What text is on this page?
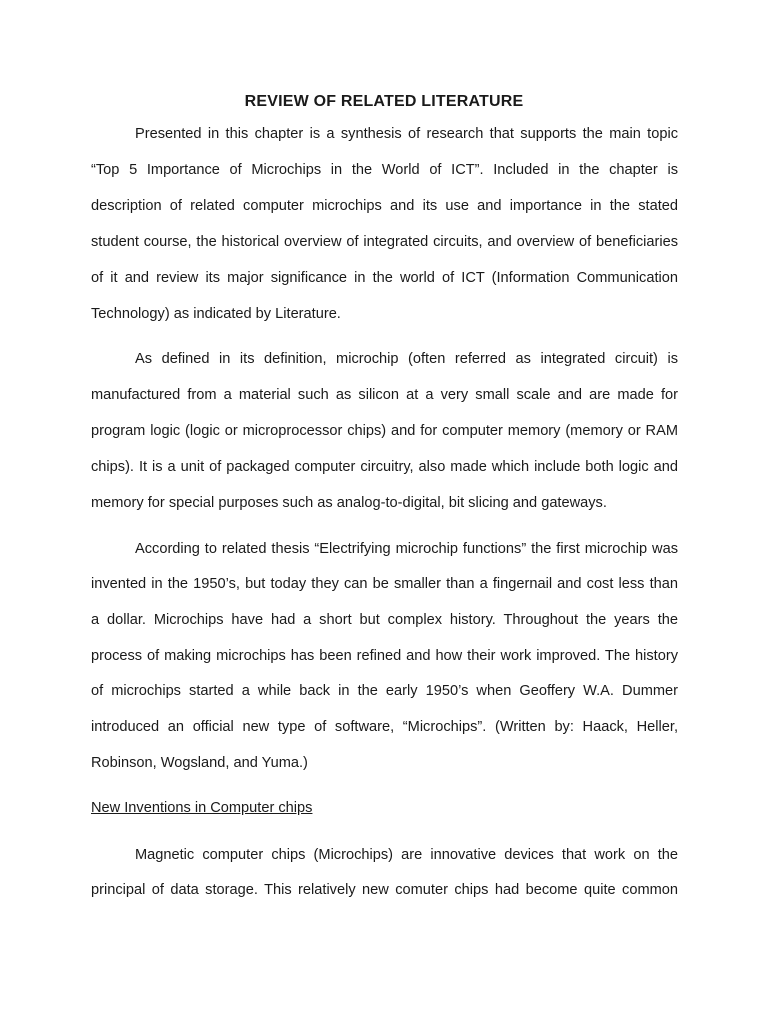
REVIEW OF RELATED LITERATURE
Presented in this chapter is a synthesis of research that supports the main topic
“Top 5 Importance of Microchips in the World of ICT”. Included in the chapter is
description of related computer microchips and its use and importance in the stated
student course, the historical overview of integrated circuits, and overview of beneficiaries
of it and review its major significance in the world of ICT (Information Communication
Technology) as indicated by Literature.
As defined in its definition, microchip (often referred as integrated circuit) is
manufactured from a material such as silicon at a very small scale and are made for
program logic (logic or microprocessor chips) and for computer memory (memory or RAM
chips). It is a unit of packaged computer circuitry, also made which include both logic and
memory for special purposes such as analog-to-digital, bit slicing and gateways.
According to related thesis “Electrifying microchip functions” the first microchip was
invented in the 1950’s, but today they can be smaller than a fingernail and cost less than
a dollar. Microchips have had a short but complex history. Throughout the years the
process of making microchips has been refined and how their work improved. The history
of microchips started a while back in the early 1950’s when Geoffery W.A. Dummer
introduced an official new type of software, “Microchips”. (Written by: Haack, Heller,
Robinson, Wogsland, and Yuma.)
New Inventions in Computer chips
Magnetic computer chips (Microchips) are innovative devices that work on the
principal of data storage. This relatively new comuter chips had become quite common
